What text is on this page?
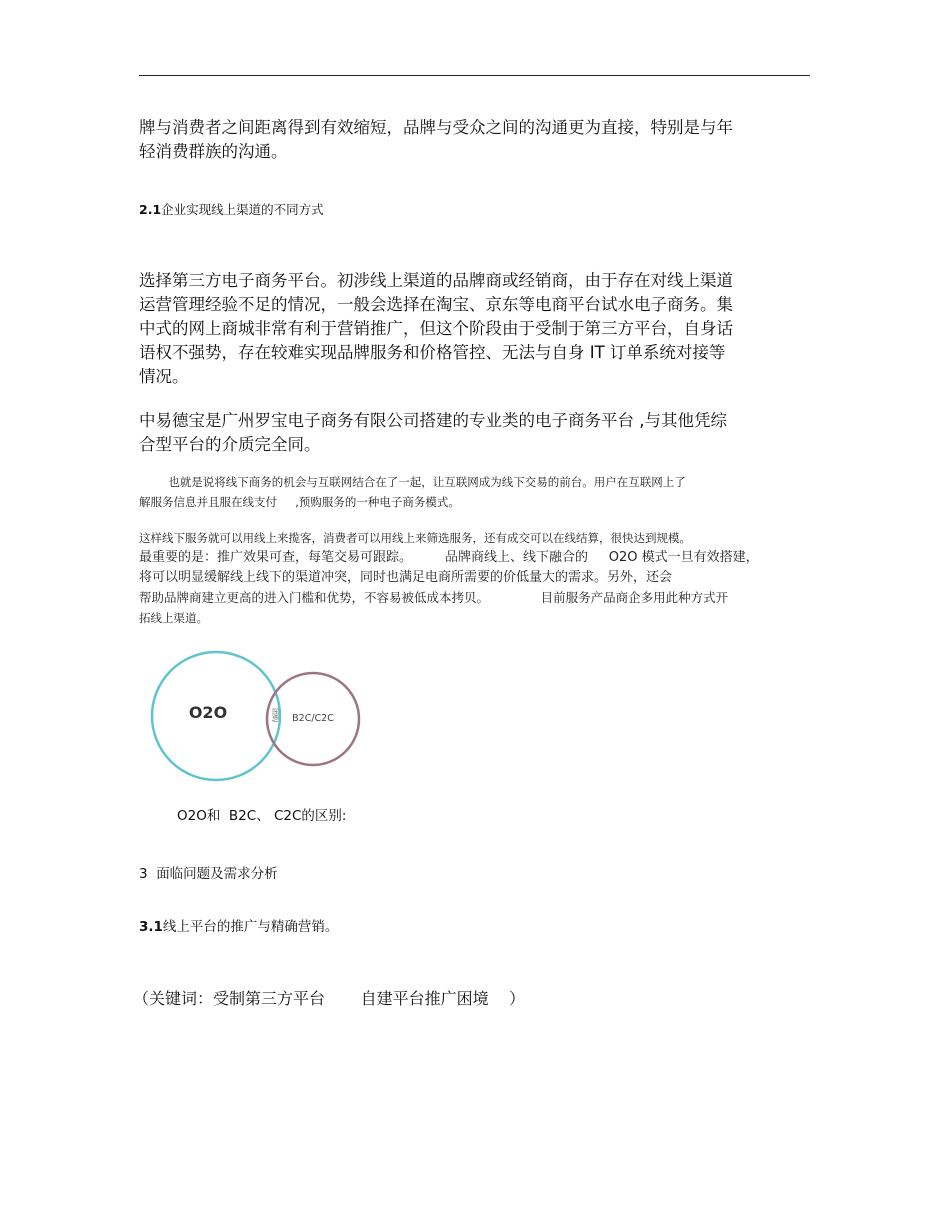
牌与消费者之间距离得到有效缩短，品牌与受众之间的沟通更为直接，特别是与年
轻消费群族的沟通。
2.1企业实现线上渠道的不同方式
选择第三方电子商务平台。初涉线上渠道的品牌商或经销商，由于存在对线上渠道
运营管理经验不足的情况，一般会选择在淘宝、京东等电商平台试水电子商务。集
中式的网上商城非常有利于营销推广，但这个阶段由于受制于第三方平台，自身话
语权不强势，存在较难实现品牌服务和价格管控、无法与自身 IT 订单系统对接等
情况。
中易德宝是广州罗宝电子商务有限公司搭建的专业类的电子商务平台 ,与其他凭综
合型平台的介质完全同。
也就是说将线下商务的机会与互联网结合在了一起，让互联网成为线下交易的前台。用户在互联网上了
解服务信息并且服在线支付     ,预购服务的一种电子商务模式。
这样线下服务就可以用线上来揽客，消费者可以用线上来筛选服务，还有成交可以在线结算，很快达到规模。
最重要的是：推广效果可查，每笔交易可跟踪。        品牌商线上、线下融合的     O2O 模式一旦有效搭建，
将可以明显缓解线上线下的渠道冲突，同时也满足电商所需要的价低量大的需求。另外，还会
帮助品牌商建立更高的进入门槛和优势，不容易被低成本拷贝。             目前服务产品商企多用此种方式开
拓线上渠道。
O2O	团购 B2C/C2C
O2O和  B2C、 C2C的区别:
3 面临问题及需求分析
3.1线上平台的推广与精确营销。
（关键词：受制第三方平台       自建平台推广困境    ）
